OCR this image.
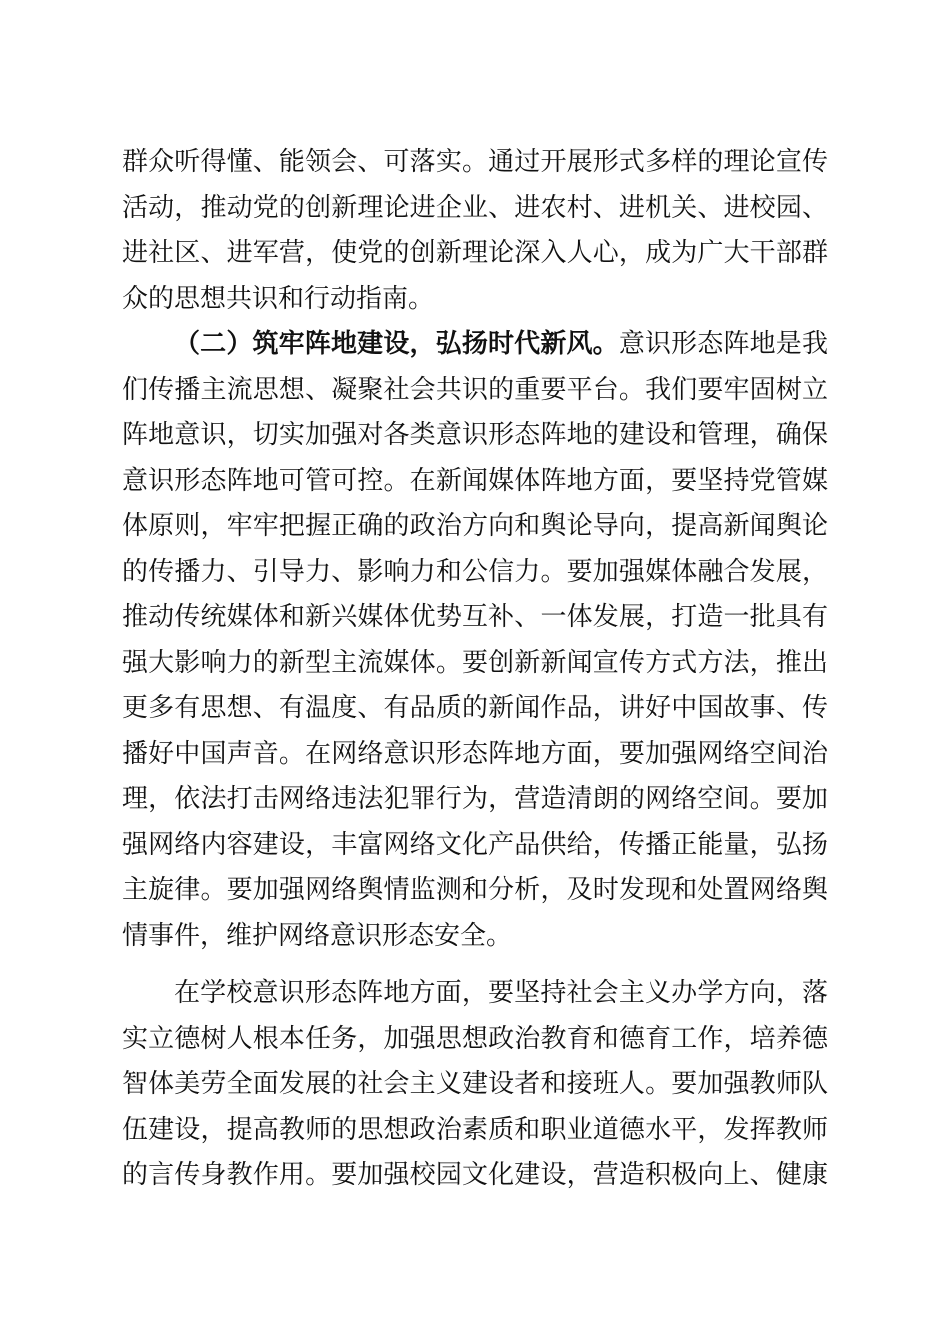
群众听得懂、能领会、可落实。通过开展形式多样的理论宣传
活动，推动党的创新理论进企业、进农村、进机关、进校园、
进社区、进军营，使党的创新理论深入人心，成为广大干部群
众的思想共识和行动指南。
（二）筑牢阵地建设，弘扬时代新风。意识形态阵地是我
们传播主流思想、凝聚社会共识的重要平台。我们要牢固树立
阵地意识，切实加强对各类意识形态阵地的建设和管理，确保
意识形态阵地可管可控。在新闻媒体阵地方面，要坚持党管媒
体原则，牢牢把握正确的政治方向和舆论导向，提高新闻舆论
的传播力、引导力、影响力和公信力。要加强媒体融合发展，
推动传统媒体和新兴媒体优势互补、一体发展，打造一批具有
强大影响力的新型主流媒体。要创新新闻宣传方式方法，推出
更多有思想、有温度、有品质的新闻作品，讲好中国故事、传
播好中国声音。在网络意识形态阵地方面，要加强网络空间治
理，依法打击网络违法犯罪行为，营造清朗的网络空间。要加
强网络内容建设，丰富网络文化产品供给，传播正能量，弘扬
主旋律。要加强网络舆情监测和分析，及时发现和处置网络舆
情事件，维护网络意识形态安全。
在学校意识形态阵地方面，要坚持社会主义办学方向，落
实立德树人根本任务，加强思想政治教育和德育工作，培养德
智体美劳全面发展的社会主义建设者和接班人。要加强教师队
伍建设，提高教师的思想政治素质和职业道德水平，发挥教师
的言传身教作用。要加强校园文化建设，营造积极向上、健康
